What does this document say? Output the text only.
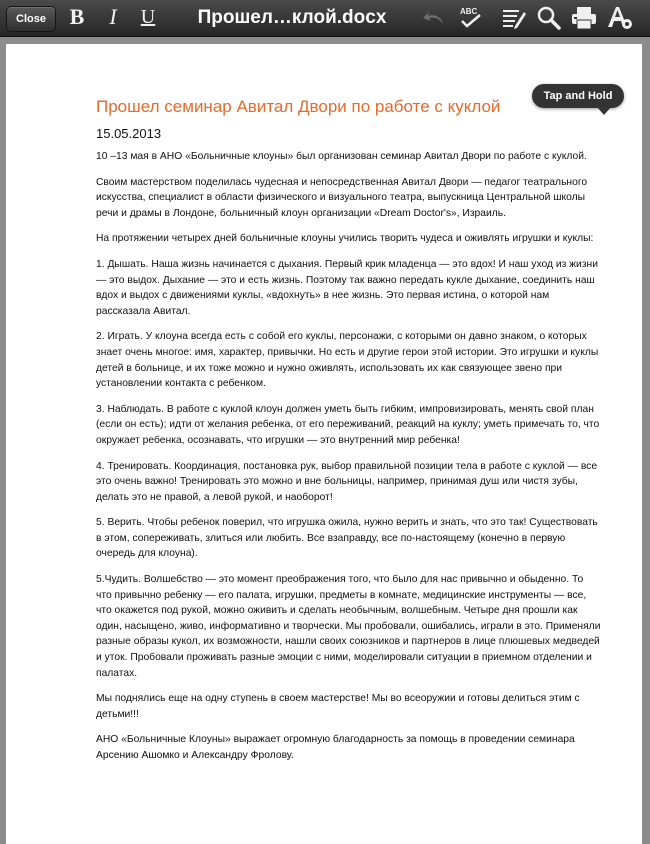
Close	B I U Прошел…клой.docx	ABC
Tap and Hold
Прошел семинар Авитал Двори по работе с куклой
15.05.2013

10 –13 мая в АНО «Больничные клоуны» был организован семинар Авитал Двори по работе с куклой.

Своим мастерством поделилась чудесная и непосредственная Авитал Двори — педагог театрального искусства, специалист в области физического и визуального театра, выпускница Центральной школы речи и драмы в Лондоне, больничный клоун организации «Dream Doctor's», Израиль.

На протяжении четырех дней больничные клоуны учились творить чудеса и оживлять игрушки и куклы:

1. Дышать. Наша жизнь начинается с дыхания. Первый крик младенца — это вдох! И наш уход из жизни — это выдох. Дыхание — это и есть жизнь. Поэтому так важно передать кукле дыхание, соединить наш вдох и выдох с движениями куклы, «вдохнуть» в нее жизнь. Это первая истина, о которой нам рассказала Авитал.

2. Играть. У клоуна всегда есть с собой его куклы, персонажи, с которыми он давно знаком, о которых знает очень многое: имя, характер, привычки. Но есть и другие герои этой истории. Это игрушки и куклы детей в больнице, и их тоже можно и нужно оживлять, использовать их как связующее звено при установлении контакта с ребенком.

3. Наблюдать. В работе с куклой клоун должен уметь быть гибким, импровизировать, менять свой план (если он есть); идти от желания ребенка, от его переживаний, реакций на куклу; уметь примечать то, что окружает ребенка, осознавать, что игрушки — это внутренний мир ребенка!

4. Тренировать. Координация, постановка рук, выбор правильной позиции тела в работе с куклой — все это очень важно! Тренировать это можно и вне больницы, например, принимая душ или чистя зубы, делать это не правой, а левой рукой, и наоборот!

5. Верить. Чтобы ребенок поверил, что игрушка ожила, нужно верить и знать, что это так! Существовать в этом, сопереживать, злиться или любить. Все взаправду, все по-настоящему (конечно в первую очередь для клоуна).

5.Чудить. Волшебство — это момент преображения того, что было для нас привычно и обыденно. То что привычно ребенку — его палата, игрушки, предметы в комнате, медицинские инструменты — все, что окажется под рукой, можно оживить и сделать необычным, волшебным. Четыре дня прошли как один, насыщено, живо, информативно и творчески. Мы пробовали, ошибались, играли в это. Применяли разные образы кукол, их возможности, нашли своих союзников и партнеров в лице плюшевых медведей и уток. Пробовали проживать разные эмоции с ними, моделировали ситуации в приемном отделении и палатах.

Мы поднялись еще на одну ступень в своем мастерстве! Мы во всеоружии и готовы делиться этим с детьми!!!

АНО «Больничные Клоуны» выражает огромную благодарность за помощь в проведении семинара Арсению Ашомко и Александру Фролову.
